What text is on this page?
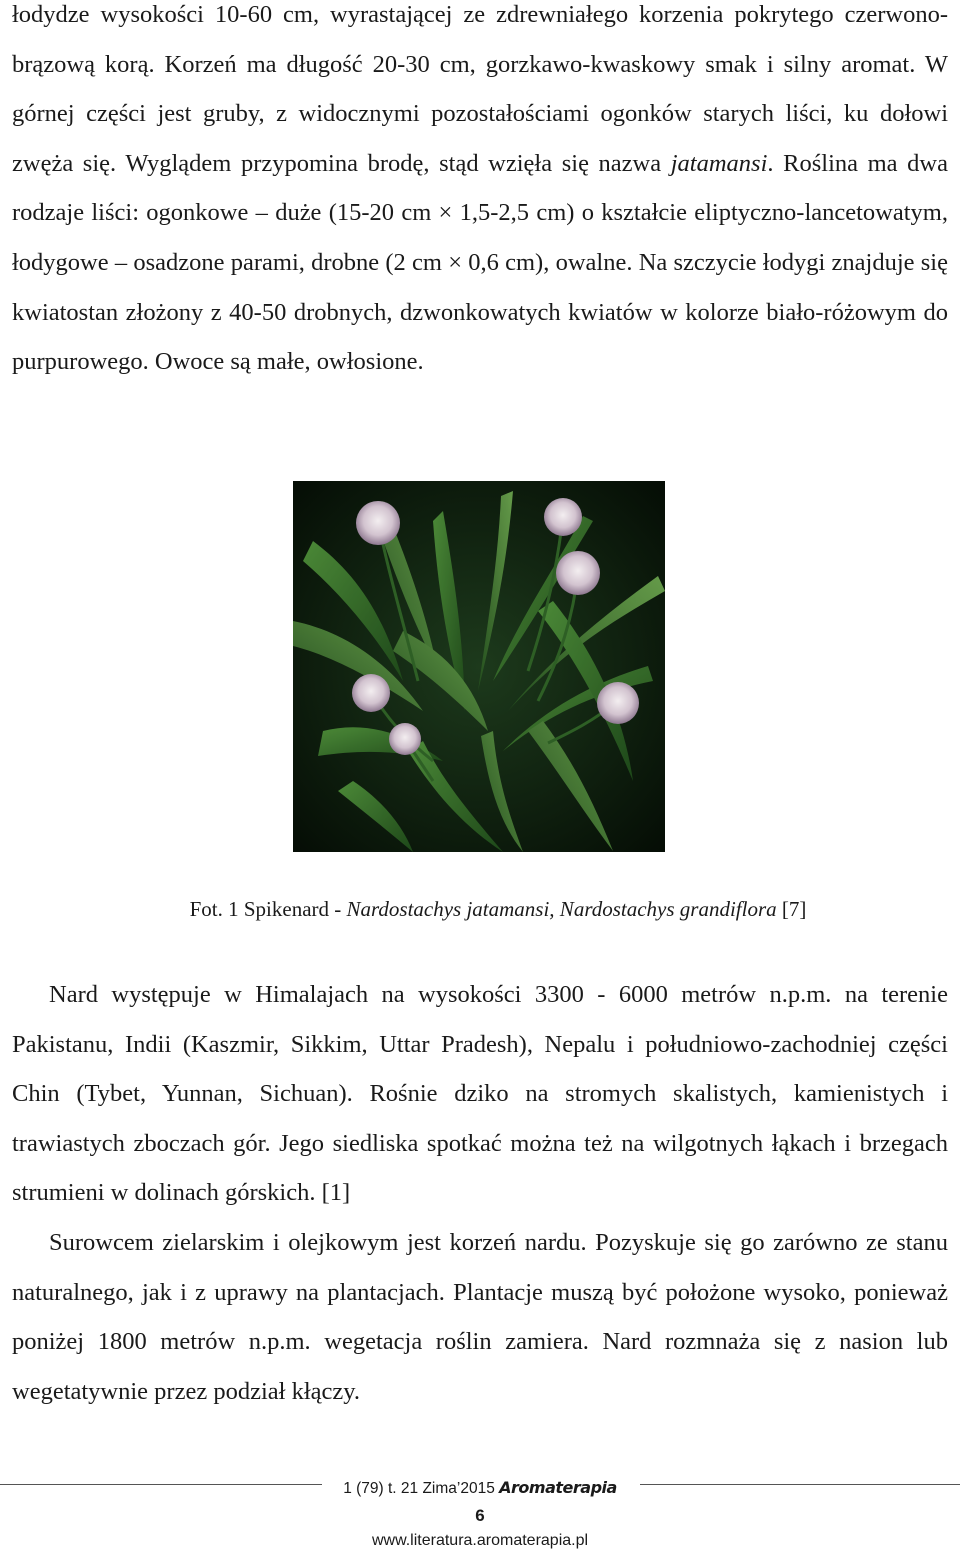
łodydze wysokości 10-60 cm, wyrastającej ze zdrewniałego korzenia pokrytego czerwono-brązową korą. Korzeń ma długość 20-30 cm, gorzkawo-kwaskowy smak i silny aromat. W górnej części jest gruby, z widocznymi pozostałościami ogonków starych liści, ku dołowi zwęża się. Wyglądem przypomina brodę, stąd wzięła się nazwa jatamansi. Roślina ma dwa rodzaje liści: ogonkowe – duże (15-20 cm × 1,5-2,5 cm) o kształcie eliptyczno-lancetowatym, łodygowe – osadzone parami, drobne (2 cm × 0,6 cm), owalne. Na szczycie łodygi znajduje się kwiatostan złożony z 40-50 drobnych, dzwonkowatych kwiatów w kolorze biało-różowym do purpurowego. Owoce są małe, owłosione.

Fot. 1 Spikenard - Nardostachys jatamansi, Nardostachys grandiflora [7]

Nard występuje w Himalajach na wysokości 3300 - 6000 metrów n.p.m. na terenie Pakistanu, Indii (Kaszmir, Sikkim, Uttar Pradesh), Nepalu i południowo-zachodniej części Chin (Tybet, Yunnan, Sichuan). Rośnie dziko na stromych skalistych, kamienistych i trawiastych zboczach gór. Jego siedliska spotkać można też na wilgotnych łąkach i brzegach strumieni w dolinach górskich. [1]
Surowcem zielarskim i olejkowym jest korzeń nardu. Pozyskuje się go zarówno ze stanu naturalnego, jak i z uprawy na plantacjach. Plantacje muszą być położone wysoko, ponieważ poniżej 1800 metrów n.p.m. wegetacja roślin zamiera. Nard rozmnaża się z nasion lub wegetatywnie przez podział kłączy.

1 (79) t. 21 Zima’2015 Aromaterapia
6
www.literatura.aromaterapia.pl
